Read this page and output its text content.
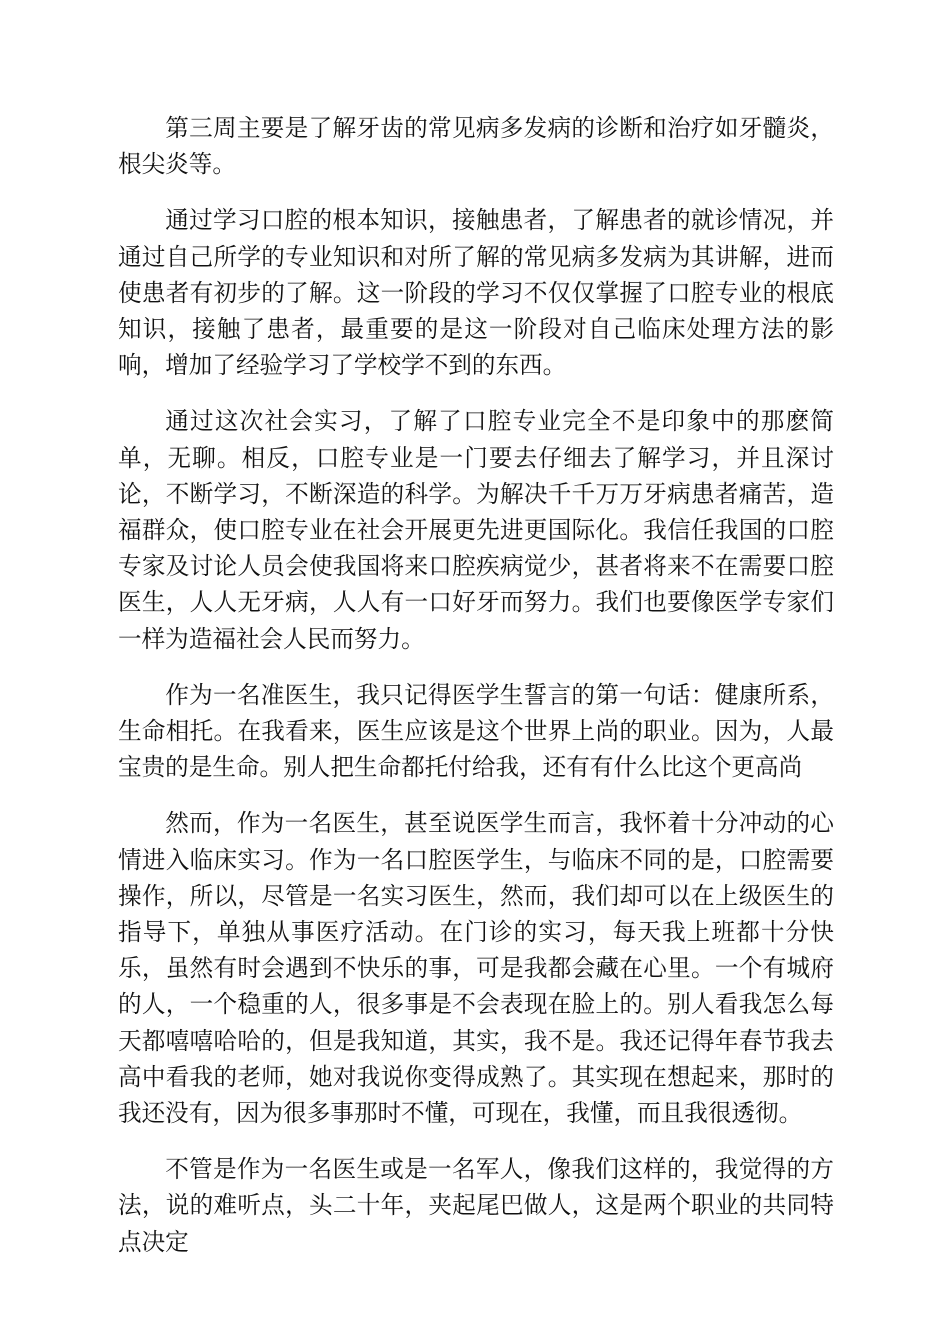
第三周主要是了解牙齿的常见病多发病的诊断和治疗如牙髓炎，根尖炎等。

通过学习口腔的根本知识，接触患者，了解患者的就诊情况，并通过自己所学的专业知识和对所了解的常见病多发病为其讲解，进而使患者有初步的了解。这一阶段的学习不仅仅掌握了口腔专业的根底知识，接触了患者，最重要的是这一阶段对自己临床处理方法的影响，增加了经验学习了学校学不到的东西。

通过这次社会实习，了解了口腔专业完全不是印象中的那麽简单，无聊。相反，口腔专业是一门要去仔细去了解学习，并且深讨论，不断学习，不断深造的科学。为解决千千万万牙病患者痛苦，造福群众，使口腔专业在社会开展更先进更国际化。我信任我国的口腔专家及讨论人员会使我国将来口腔疾病觉少，甚者将来不在需要口腔医生，人人无牙病，人人有一口好牙而努力。我们也要像医学专家们一样为造福社会人民而努力。

作为一名准医生，我只记得医学生誓言的第一句话：健康所系，生命相托。在我看来，医生应该是这个世界上尚的职业。因为，人最宝贵的是生命。别人把生命都托付给我，还有有什么比这个更高尚

然而，作为一名医生，甚至说医学生而言，我怀着十分冲动的心情进入临床实习。作为一名口腔医学生，与临床不同的是，口腔需要操作，所以，尽管是一名实习医生，然而，我们却可以在上级医生的指导下，单独从事医疗活动。在门诊的实习，每天我上班都十分快乐，虽然有时会遇到不快乐的事，可是我都会藏在心里。一个有城府的人，一个稳重的人，很多事是不会表现在脸上的。别人看我怎么每天都嘻嘻哈哈的，但是我知道，其实，我不是。我还记得年春节我去高中看我的老师，她对我说你变得成熟了。其实现在想起来，那时的我还没有，因为很多事那时不懂，可现在，我懂，而且我很透彻。

不管是作为一名医生或是一名军人，像我们这样的，我觉得的方法，说的难听点，头二十年，夹起尾巴做人，这是两个职业的共同特点决定
